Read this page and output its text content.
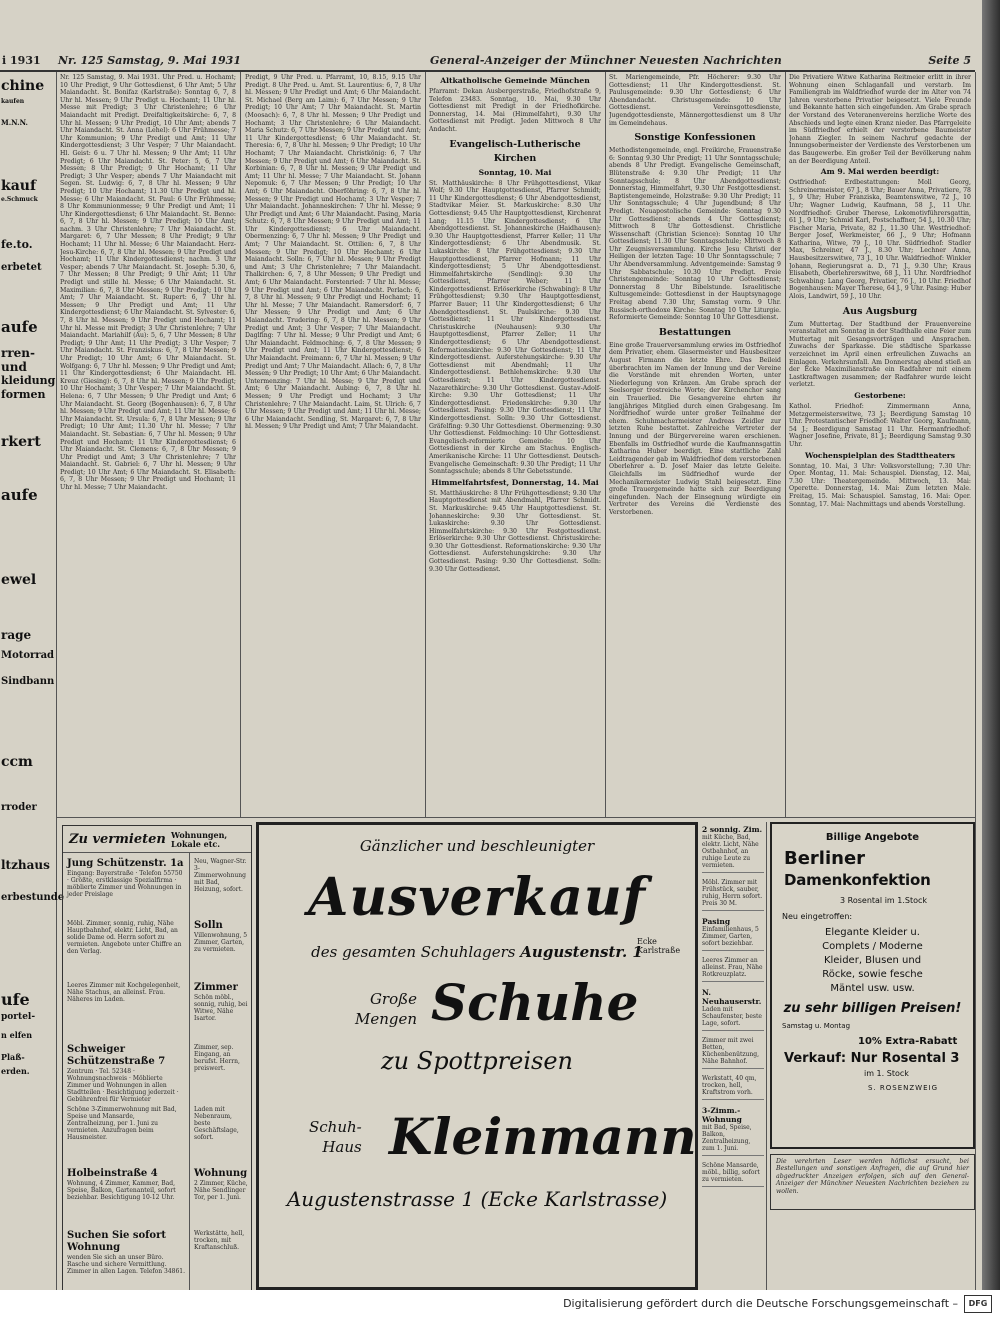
i 1931 Nr. 125 Samstag, 9. Mai 1931	General-Anzeiger der Münchner Neuesten Nachrichten	Seite 5
chine
kaufen
M.N.N.
kauf
e.Schmuck
fe.to.
erbetet
aufe
rren-
und
kleidung
formen
rkert
aufe
ewel
rage
Motorrad
Sindbann
ccm
rroder
ltzhaus
erbestunde
ufe
portel-
n elfen
Plaß-
erden.
Nr. 125 Samstag, 9. Mai 1931. Uhr Pred. u. Hochamt; 10 Uhr Predigt, 9 Uhr Gottesdienst, 6 Uhr Amt; 5 Uhr Maiandacht. St. Bonifaz (Karlstraße): Sonntag 6, 7, 8 Uhr hl. Messen; 9 Uhr Predigt u. Hochamt; 11 Uhr hl. Messe mit Predigt; 3 Uhr Christenlehre; 6 Uhr Maiandacht mit Predigt. Dreifaltigkeitskirche: 6, 7, 8 Uhr hl. Messen; 9 Uhr Predigt, 10 Uhr Amt; abends 7 Uhr Maiandacht. St. Anna (Lehel): 6 Uhr Frühmesse; 7 Uhr Kommunion; 9 Uhr Predigt und Amt; 11 Uhr Kindergottesdienst; 3 Uhr Vesper; 7 Uhr Maiandacht. Hl. Geist: 6 u. 7 Uhr hl. Messen; 9 Uhr Amt; 11 Uhr Predigt; 6 Uhr Maiandacht. St. Peter: 5, 6, 7 Uhr Messen; 8 Uhr Predigt; 9 Uhr Hochamt; 11 Uhr Predigt; 3 Uhr Vesper; abends 7 Uhr Maiandacht mit Segen. St. Ludwig: 6, 7, 8 Uhr hl. Messen; 9 Uhr Predigt; 10 Uhr Hochamt; 11.30 Uhr Predigt und hl. Messe; 6 Uhr Maiandacht. St. Paul: 6 Uhr Frühmesse; 8 Uhr Kommunionmesse; 9 Uhr Predigt und Amt; 11 Uhr Kindergottesdienst; 6 Uhr Maiandacht. St. Benno: 6, 7, 8 Uhr hl. Messen; 9 Uhr Predigt; 10 Uhr Amt; nachm. 3 Uhr Christenlehre; 7 Uhr Maiandacht. St. Margaret: 6, 7 Uhr Messen; 8 Uhr Predigt; 9 Uhr Hochamt; 11 Uhr hl. Messe; 6 Uhr Maiandacht. Herz-Jesu-Kirche: 6, 7, 8 Uhr hl. Messen; 9 Uhr Predigt und Hochamt; 11 Uhr Kindergottesdienst; nachm. 3 Uhr Vesper; abends 7 Uhr Maiandacht. St. Joseph: 5.30, 6, 7 Uhr Messen; 8 Uhr Predigt; 9 Uhr Amt; 11 Uhr Predigt und stille hl. Messe; 6 Uhr Maiandacht. St. Maximilian: 6, 7, 8 Uhr Messen; 9 Uhr Predigt; 10 Uhr Amt; 7 Uhr Maiandacht. St. Rupert: 6, 7 Uhr hl. Messen; 9 Uhr Predigt und Amt; 11 Uhr Kindergottesdienst; 6 Uhr Maiandacht. St. Sylvester: 6, 7, 8 Uhr hl. Messen; 9 Uhr Predigt und Hochamt; 11 Uhr hl. Messe mit Predigt; 3 Uhr Christenlehre; 7 Uhr Maiandacht. Mariahilf (Au): 5, 6, 7 Uhr Messen; 8 Uhr Predigt; 9 Uhr Amt; 11 Uhr Predigt; 3 Uhr Vesper; 7 Uhr Maiandacht. St. Franziskus: 6, 7, 8 Uhr Messen; 9 Uhr Predigt; 10 Uhr Amt; 6 Uhr Maiandacht. St. Wolfgang: 6, 7 Uhr hl. Messen; 9 Uhr Predigt und Amt; 11 Uhr Kindergottesdienst; 6 Uhr Maiandacht. Hl. Kreuz (Giesing): 6, 7, 8 Uhr hl. Messen; 9 Uhr Predigt; 10 Uhr Hochamt; 3 Uhr Vesper; 7 Uhr Maiandacht. St. Helena: 6, 7 Uhr Messen; 9 Uhr Predigt und Amt; 6 Uhr Maiandacht. St. Georg (Bogenhausen): 6, 7, 8 Uhr hl. Messen; 9 Uhr Predigt und Amt; 11 Uhr hl. Messe; 6 Uhr Maiandacht. St. Ursula: 6, 7, 8 Uhr Messen; 9 Uhr Predigt; 10 Uhr Amt; 11.30 Uhr hl. Messe; 7 Uhr Maiandacht. St. Sebastian: 6, 7 Uhr hl. Messen; 9 Uhr Predigt und Hochamt; 11 Uhr Kindergottesdienst; 6 Uhr Maiandacht. St. Clemens: 6, 7, 8 Uhr Messen; 9 Uhr Predigt und Amt; 3 Uhr Christenlehre; 7 Uhr Maiandacht. St. Gabriel: 6, 7 Uhr hl. Messen; 9 Uhr Predigt; 10 Uhr Amt; 6 Uhr Maiandacht. St. Elisabeth: 6, 7, 8 Uhr Messen; 9 Uhr Predigt und Hochamt; 11 Uhr hl. Messe; 7 Uhr Maiandacht.
Predigt, 9 Uhr Pred. u. Pfarramt, 10, 8.15, 9.15 Uhr Predigt. 8 Uhr Pred. u. Amt. St. Laurentius: 6, 7, 8 Uhr hl. Messen; 9 Uhr Predigt und Amt; 6 Uhr Maiandacht. St. Michael (Berg am Laim): 6, 7 Uhr Messen; 9 Uhr Predigt; 10 Uhr Amt; 7 Uhr Maiandacht. St. Martin (Moosach): 6, 7, 8 Uhr hl. Messen; 9 Uhr Predigt und Hochamt; 3 Uhr Christenlehre; 6 Uhr Maiandacht. Maria Schutz: 6, 7 Uhr Messen; 9 Uhr Predigt und Amt; 11 Uhr Kindergottesdienst; 6 Uhr Maiandacht. St. Theresia: 6, 7, 8 Uhr hl. Messen; 9 Uhr Predigt; 10 Uhr Hochamt; 7 Uhr Maiandacht. Christkönig: 6, 7 Uhr Messen; 9 Uhr Predigt und Amt; 6 Uhr Maiandacht. St. Korbinian: 6, 7, 8 Uhr hl. Messen; 9 Uhr Predigt und Amt; 11 Uhr hl. Messe; 7 Uhr Maiandacht. St. Johann Nepomuk: 6, 7 Uhr Messen; 9 Uhr Predigt; 10 Uhr Amt; 6 Uhr Maiandacht. Oberföhring: 6, 7, 8 Uhr hl. Messen; 9 Uhr Predigt und Hochamt; 3 Uhr Vesper; 7 Uhr Maiandacht. Johanneskirchen: 7 Uhr hl. Messe; 9 Uhr Predigt und Amt; 6 Uhr Maiandacht. Pasing, Maria Schutz: 6, 7, 8 Uhr Messen; 9 Uhr Predigt und Amt; 11 Uhr Kindergottesdienst; 6 Uhr Maiandacht. Obermenzing: 6, 7 Uhr hl. Messen; 9 Uhr Predigt und Amt; 7 Uhr Maiandacht. St. Ottilien: 6, 7, 8 Uhr Messen; 9 Uhr Predigt; 10 Uhr Hochamt; 6 Uhr Maiandacht. Solln: 6, 7 Uhr hl. Messen; 9 Uhr Predigt und Amt; 3 Uhr Christenlehre; 7 Uhr Maiandacht. Thalkirchen: 6, 7, 8 Uhr Messen; 9 Uhr Predigt und Amt; 6 Uhr Maiandacht. Forstenried: 7 Uhr hl. Messe; 9 Uhr Predigt und Amt; 6 Uhr Maiandacht. Perlach: 6, 7, 8 Uhr hl. Messen; 9 Uhr Predigt und Hochamt; 11 Uhr hl. Messe; 7 Uhr Maiandacht. Ramersdorf: 6, 7 Uhr Messen; 9 Uhr Predigt und Amt; 6 Uhr Maiandacht. Trudering: 6, 7, 8 Uhr hl. Messen; 9 Uhr Predigt und Amt; 3 Uhr Vesper; 7 Uhr Maiandacht. Daglfing: 7 Uhr hl. Messe; 9 Uhr Predigt und Amt; 6 Uhr Maiandacht. Feldmoching: 6, 7, 8 Uhr Messen; 9 Uhr Predigt und Amt; 11 Uhr Kindergottesdienst; 6 Uhr Maiandacht. Freimann: 6, 7 Uhr hl. Messen; 9 Uhr Predigt und Amt; 7 Uhr Maiandacht. Allach: 6, 7, 8 Uhr Messen; 9 Uhr Predigt; 10 Uhr Amt; 6 Uhr Maiandacht. Untermenzing: 7 Uhr hl. Messe; 9 Uhr Predigt und Amt; 6 Uhr Maiandacht. Aubing: 6, 7, 8 Uhr hl. Messen; 9 Uhr Predigt und Hochamt; 3 Uhr Christenlehre; 7 Uhr Maiandacht. Laim, St. Ulrich: 6, 7 Uhr Messen; 9 Uhr Predigt und Amt; 11 Uhr hl. Messe; 6 Uhr Maiandacht. Sendling, St. Margaret: 6, 7, 8 Uhr hl. Messen; 9 Uhr Predigt und Amt; 7 Uhr Maiandacht.
Altkatholische Gemeinde München
Pfarramt: Dekan Ausbergerstraße, Friedhofstraße 9, Telefon 23483. Sonntag, 10. Mai, 9.30 Uhr Gottesdienst mit Predigt in der Friedhofkirche. Donnerstag, 14. Mai (Himmelfahrt), 9.30 Uhr Gottesdienst mit Predigt. Jeden Mittwoch 8 Uhr Andacht.
Evangelisch-Lutherische Kirchen
Sonntag, 10. Mai
St. Matthäuskirche: 8 Uhr Frühgottesdienst, Vikar Wolf; 9.30 Uhr Hauptgottesdienst, Pfarrer Schmidt; 11 Uhr Kindergottesdienst; 6 Uhr Abendgottesdienst, Stadtvikar Meier. St. Markuskirche: 8.30 Uhr Gottesdienst; 9.45 Uhr Hauptgottesdienst, Kirchenrat Lang; 11.15 Uhr Kindergottesdienst; 6 Uhr Abendgottesdienst. St. Johanneskirche (Haidhausen): 9.30 Uhr Hauptgottesdienst, Pfarrer Keller; 11 Uhr Kindergottesdienst; 6 Uhr Abendmusik. St. Lukaskirche: 8 Uhr Frühgottesdienst; 9.30 Uhr Hauptgottesdienst, Pfarrer Hofmann; 11 Uhr Kindergottesdienst; 5 Uhr Abendgottesdienst. Himmelfahrtskirche (Sendling): 9.30 Uhr Gottesdienst, Pfarrer Weber; 11 Uhr Kindergottesdienst. Erlöserkirche (Schwabing): 8 Uhr Frühgottesdienst; 9.30 Uhr Hauptgottesdienst, Pfarrer Bauer; 11 Uhr Kindergottesdienst; 6 Uhr Abendgottesdienst. St. Paulskirche: 9.30 Uhr Gottesdienst; 11 Uhr Kindergottesdienst. Christuskirche (Neuhausen): 9.30 Uhr Hauptgottesdienst, Pfarrer Zeller; 11 Uhr Kindergottesdienst; 6 Uhr Abendgottesdienst. Reformationskirche: 9.30 Uhr Gottesdienst; 11 Uhr Kindergottesdienst. Auferstehungskirche: 9.30 Uhr Gottesdienst mit Abendmahl; 11 Uhr Kindergottesdienst. Bethlehemskirche: 9.30 Uhr Gottesdienst; 11 Uhr Kindergottesdienst. Nazarethkirche: 9.30 Uhr Gottesdienst. Gustav-Adolf-Kirche: 9.30 Uhr Gottesdienst; 11 Uhr Kindergottesdienst. Friedenskirche: 9.30 Uhr Gottesdienst. Pasing: 9.30 Uhr Gottesdienst; 11 Uhr Kindergottesdienst. Solln: 9.30 Uhr Gottesdienst. Gräfelfing: 9.30 Uhr Gottesdienst. Obermenzing: 9.30 Uhr Gottesdienst. Feldmoching: 10 Uhr Gottesdienst. Evangelisch-reformierte Gemeinde: 10 Uhr Gottesdienst in der Kirche am Stachus. Englisch-Amerikanische Kirche: 11 Uhr Gottesdienst. Deutsch-Evangelische Gemeinschaft: 9.30 Uhr Predigt; 11 Uhr Sonntagsschule; abends 8 Uhr Gebetsstunde.
Himmelfahrtsfest, Donnerstag, 14. Mai
St. Matthäuskirche: 8 Uhr Frühgottesdienst; 9.30 Uhr Hauptgottesdienst mit Abendmahl, Pfarrer Schmidt. St. Markuskirche: 9.45 Uhr Hauptgottesdienst. St. Johanneskirche: 9.30 Uhr Gottesdienst. St. Lukaskirche: 9.30 Uhr Gottesdienst. Himmelfahrtskirche: 9.30 Uhr Festgottesdienst. Erlöserkirche: 9.30 Uhr Gottesdienst. Christuskirche: 9.30 Uhr Gottesdienst. Reformationskirche: 9.30 Uhr Gottesdienst. Auferstehungskirche: 9.30 Uhr Gottesdienst. Pasing: 9.30 Uhr Gottesdienst. Solln: 9.30 Uhr Gottesdienst.
St. Mariengemeinde, Pfr. Höcherer: 9.30 Uhr Gottesdienst; 11 Uhr Kindergottesdienst. St. Paulusgemeinde: 9.30 Uhr Gottesdienst; 6 Uhr Abendandacht. Christusgemeinde: 10 Uhr Gottesdienst. Vereinsgottesdienste, Jugendgottesdienste, Männergottesdienst um 8 Uhr im Gemeindehaus.
Sonstige Konfessionen
Methodistengemeinde, engl. Freikirche, Frauenstraße 6: Sonntag 9.30 Uhr Predigt; 11 Uhr Sonntagsschule; abends 8 Uhr Predigt. Evangelische Gemeinschaft, Blütenstraße 4: 9.30 Uhr Predigt; 11 Uhr Sonntagsschule; 8 Uhr Abendgottesdienst; Donnerstag, Himmelfahrt, 9.30 Uhr Festgottesdienst. Baptistengemeinde, Holzstraße: 9.30 Uhr Predigt; 11 Uhr Sonntagsschule; 4 Uhr Jugendbund; 8 Uhr Predigt. Neuapostolische Gemeinde: Sonntag 9.30 Uhr Gottesdienst; abends 4 Uhr Gottesdienst; Mittwoch 8 Uhr Gottesdienst. Christliche Wissenschaft (Christian Science): Sonntag 10 Uhr Gottesdienst; 11.30 Uhr Sonntagsschule; Mittwoch 8 Uhr Zeugnisversammlung. Kirche Jesu Christi der Heiligen der letzten Tage: 10 Uhr Sonntagsschule; 7 Uhr Abendversammlung. Adventgemeinde: Samstag 9 Uhr Sabbatschule; 10.30 Uhr Predigt. Freie Christengemeinde: Sonntag 10 Uhr Gottesdienst; Donnerstag 8 Uhr Bibelstunde. Israelitische Kultusgemeinde: Gottesdienst in der Hauptsynagoge Freitag abend 7.30 Uhr, Samstag vorm. 9 Uhr. Russisch-orthodoxe Kirche: Sonntag 10 Uhr Liturgie. Reformierte Gemeinde: Sonntag 10 Uhr Gottesdienst.
Bestattungen
Eine große Trauerversammlung erwies im Ostfriedhof dem Privatier, ehem. Glasermeister und Hausbesitzer August Firmann die letzte Ehre. Das Beileid überbrachten im Namen der Innung und der Vereine die Vorstände mit ehrenden Worten, unter Niederlegung von Kränzen. Am Grabe sprach der Seelsorger trostreiche Worte; der Kirchenchor sang ein Trauerlied. Die Gesangvereine ehrten ihr langjähriges Mitglied durch einen Grabgesang. Im Nordfriedhof wurde unter großer Teilnahme der ehem. Schuhmachermeister Andreas Zeidler zur letzten Ruhe bestattet. Zahlreiche Vertreter der Innung und der Bürgervereine waren erschienen. Ebenfalls im Ostfriedhof wurde die Kaufmannsgattin Katharina Huber beerdigt. Eine stattliche Zahl Leidtragender gab im Waldfriedhof dem verstorbenen Oberlehrer a. D. Josef Maier das letzte Geleite. Gleichfalls im Südfriedhof wurde der Mechanikermeister Ludwig Stahl beigesetzt. Eine große Trauergemeinde hatte sich zur Beerdigung eingefunden. Nach der Einsegnung würdigte ein Vertreter des Vereins die Verdienste des Verstorbenen.
Die Privatiere Witwe Katharina Reitmeier erlitt in ihrer Wohnung einen Schlaganfall und verstarb. Im Familiengrab im Waldfriedhof wurde der im Alter von 74 Jahren verstorbene Privatier beigesetzt. Viele Freunde und Bekannte hatten sich eingefunden. Am Grabe sprach der Vorstand des Veteranenvereins herzliche Worte des Abschieds und legte einen Kranz nieder. Das Pfarrgeleite im Südfriedhof erhielt der verstorbene Baumeister Johann Ziegler. In seinem Nachruf gedachte der Innungsobermeister der Verdienste des Verstorbenen um das Baugewerbe. Ein großer Teil der Bevölkerung nahm an der Beerdigung Anteil.
Am 9. Mai werden beerdigt:
Ostfriedhof: Erdbestattungen: Moll Georg, Schreinermeister, 67 J., 8 Uhr; Bauer Anna, Privatiere, 78 J., 9 Uhr; Huber Franziska, Beamtenswitwe, 72 J., 10 Uhr; Wagner Ludwig, Kaufmann, 58 J., 11 Uhr. Nordfriedhof: Gruber Therese, Lokomotivführersgattin, 61 J., 9 Uhr; Schmid Karl, Postschaffner, 54 J., 10.30 Uhr; Fischer Maria, Private, 82 J., 11.30 Uhr. Westfriedhof: Berger Josef, Werkmeister, 66 J., 9 Uhr; Hofmann Katharina, Witwe, 79 J., 10 Uhr. Südfriedhof: Stadler Max, Schreiner, 47 J., 8.30 Uhr; Lechner Anna, Hausbesitzerswitwe, 73 J., 10 Uhr. Waldfriedhof: Winkler Johann, Regierungsrat a. D., 71 J., 9.30 Uhr; Kraus Elisabeth, Oberlehrerswitwe, 68 J., 11 Uhr. Nordfriedhof Schwabing: Lang Georg, Privatier, 76 J., 10 Uhr. Friedhof Bogenhausen: Mayer Therese, 64 J., 9 Uhr. Pasing: Huber Alois, Landwirt, 59 J., 10 Uhr.
Aus Augsburg
Zum Muttertag. Der Stadtbund der Frauenvereine veranstaltet am Sonntag in der Stadthalle eine Feier zum Muttertag mit Gesangsvorträgen und Ansprachen. Zuwachs der Sparkasse. Die städtische Sparkasse verzeichnet im April einen erfreulichen Zuwachs an Einlagen. Verkehrsunfall. Am Donnerstag abend stieß an der Ecke Maximilianstraße ein Radfahrer mit einem Lastkraftwagen zusammen; der Radfahrer wurde leicht verletzt.
Gestorbene:
Kathol. Friedhof: Zimmermann Anna, Metzgermeisterswitwe, 73 J.; Beerdigung Samstag 10 Uhr. Protestantischer Friedhof: Walter Georg, Kaufmann, 54 J.; Beerdigung Samstag 11 Uhr. Hermanfriedhof: Wagner Josefine, Private, 81 J.; Beerdigung Samstag 9.30 Uhr.
Wochenspielplan des Stadttheaters
Sonntag, 10. Mai, 3 Uhr: Volksvorstellung; 7.30 Uhr: Oper. Montag, 11. Mai: Schauspiel. Dienstag, 12. Mai, 7.30 Uhr: Theatergemeinde. Mittwoch, 13. Mai: Operette. Donnerstag, 14. Mai: Zum letzten Male. Freitag, 15. Mai: Schauspiel. Samstag, 16. Mai: Oper. Sonntag, 17. Mai: Nachmittags und abends Vorstellung.
Zu vermieten Wohnungen, Lokale etc.
Jung Schützenstr. 1a
Eingang: Bayerstraße · Telefon 55750 · Größte, erstklassige Spezialfirma · möblierte Zimmer und Wohnungen in jeder Preislage
Möbl. Zimmer, sonnig, ruhig, Nähe Hauptbahnhof, elektr. Licht, Bad, an solide Dame od. Herrn sofort zu vermieten. Angebote unter Chiffre an den Verlag.
Leeres Zimmer mit Kochgelegenheit, Nähe Stachus, an alleinst. Frau. Näheres im Laden.
Schweiger Schützenstraße 7
Zentrum · Tel. 52348 · Wohnungsnachweis · Möblierte Zimmer und Wohnungen in allen Stadtteilen · Besichtigung jederzeit · Gebührenfrei für Vermieter
Schöne 3-Zimmerwohnung mit Bad, Speise und Mansarde, Zentralheizung, per 1. Juni zu vermieten. Anzufragen beim Hausmeister.
Holbeinstraße 4
Wohnung, 4 Zimmer, Kammer, Bad, Speise, Balkon, Gartenanteil, sofort beziehbar. Besichtigung 10-12 Uhr.
Suchen Sie sofort Wohnung
wenden Sie sich an unser Büro. Rasche und sichere Vermittlung. Zimmer in allen Lagen. Telefon 34861.
Neu, Wagner-Str. 3-Zimmerwohnung mit Bad, Heizung, sofort.
Solln
Villenwohnung, 5 Zimmer, Garten, zu vermieten.
Zimmer
Schön möbl., sonnig, ruhig, bei Witwe, Nähe Isartor.
Zimmer, sep. Eingang, an berufst. Herrn, preiswert.
Laden mit Nebenraum, beste Geschäftslage, sofort.
Wohnung
2 Zimmer, Küche, Nähe Sendlinger Tor, per 1. Juni.
Werkstätte, hell, trocken, mit Kraftanschluß.
Gänzlicher und beschleunigter
Ausverkauf
des gesamten Schuhlagers Augustenstr. 1
Ecke Karlstraße
Große
Mengen Schuhe
zu Spottpreisen
Schuh-
Haus Kleinmann
Augustenstrasse 1 (Ecke Karlstrasse)
2 sonnig. Zim.
mit Küche, Bad, elektr. Licht, Nähe Ostbahnhof, an ruhige Leute zu vermieten.
Möbl. Zimmer mit Frühstück, sauber, ruhig, Herrn sofort. Preis 30 M.
Pasing
Einfamilienhaus, 5 Zimmer, Garten, sofort beziehbar.
Leeres Zimmer an alleinst. Frau, Nähe Rotkreuzplatz.
N. Neuhauserstr.
Laden mit Schaufenster, beste Lage, sofort.
Zimmer mit zwei Betten, Küchenbenützung, Nähe Bahnhof.
Werkstatt, 40 qm, trocken, hell, Kraftstrom vorh.
3-Zimm.-Wohnung
mit Bad, Speise, Balkon, Zentralheizung, zum 1. Juni.
Schöne Mansarde, möbl., billig, sofort zu vermieten.
Billige Angebote
Berliner
Damenkonfektion
3 Rosental im 1.Stock
Neu eingetroffen:
Elegante Kleider u.
Complets / Moderne
Kleider, Blusen und
Röcke, sowie feschе
Mäntel usw. usw.
zu sehr billigen Preisen!
Samstag u. Montag
10% Extra-Rabatt
Verkauf: Nur Rosental 3
im 1. Stock
S. ROSENZWEIG
Die verehrten Leser werden höflichst ersucht, bei Bestellungen und sonstigen Anfragen, die auf Grund hier abgedruckter Anzeigen erfolgen, sich auf den General-Anzeiger der Münchner Neuesten Nachrichten beziehen zu wollen.
Digitalisierung gefördert durch die Deutsche Forschungsgemeinschaft –	DFG
